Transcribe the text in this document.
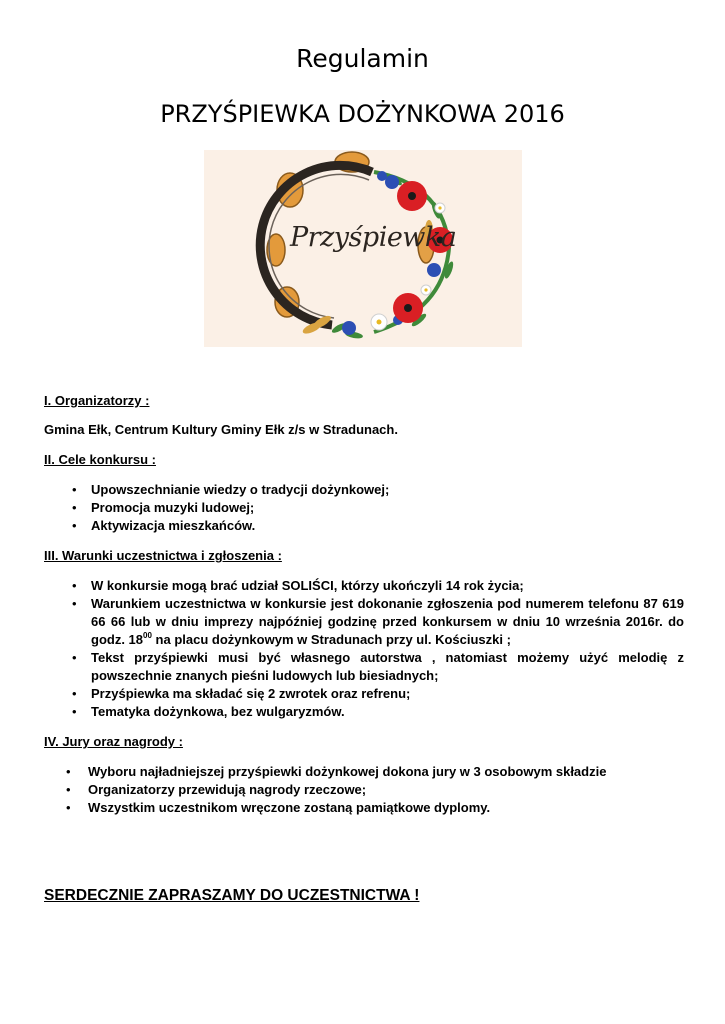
Regulamin
PRZYŚPIEWKA DOŻYNKOWA 2016
Przyśpiewka

I. Organizatorzy :

Gmina Ełk, Centrum Kultury Gminy Ełk z/s w Stradunach.

II. Cele konkursu :

• Upowszechnianie wiedzy o tradycji dożynkowej;
• Promocja muzyki ludowej;
• Aktywizacja mieszkańców.

III. Warunki uczestnictwa i zgłoszenia :

• W konkursie mogą brać udział SOLIŚCI, którzy ukończyli 14 rok życia;
• Warunkiem uczestnictwa w konkursie jest dokonanie zgłoszenia pod numerem telefonu 87 619 66 66 lub w dniu imprezy najpóźniej godzinę przed konkursem w dniu 10 września 2016r. do godz. $18^{00}$ na placu dożynkowym w Stradunach przy ul. Kościuszki ;
• Tekst przyśpiewki musi być własnego autorstwa , natomiast możemy użyć melodię z powszechnie znanych pieśni ludowych lub biesiadnych;
• Przyśpiewka ma składać się 2 zwrotek oraz refrenu;
• Tematyka dożynkowa, bez wulgaryzmów.

IV. Jury oraz nagrody :

• Wyboru najładniejszej przyśpiewki dożynkowej dokona jury w 3 osobowym składzie
• Organizatorzy przewidują nagrody rzeczowe;
• Wszystkim uczestnikom wręczone zostaną pamiątkowe dyplomy.
SERDECZNIE ZAPRASZAMY DO UCZESTNICTWA !
